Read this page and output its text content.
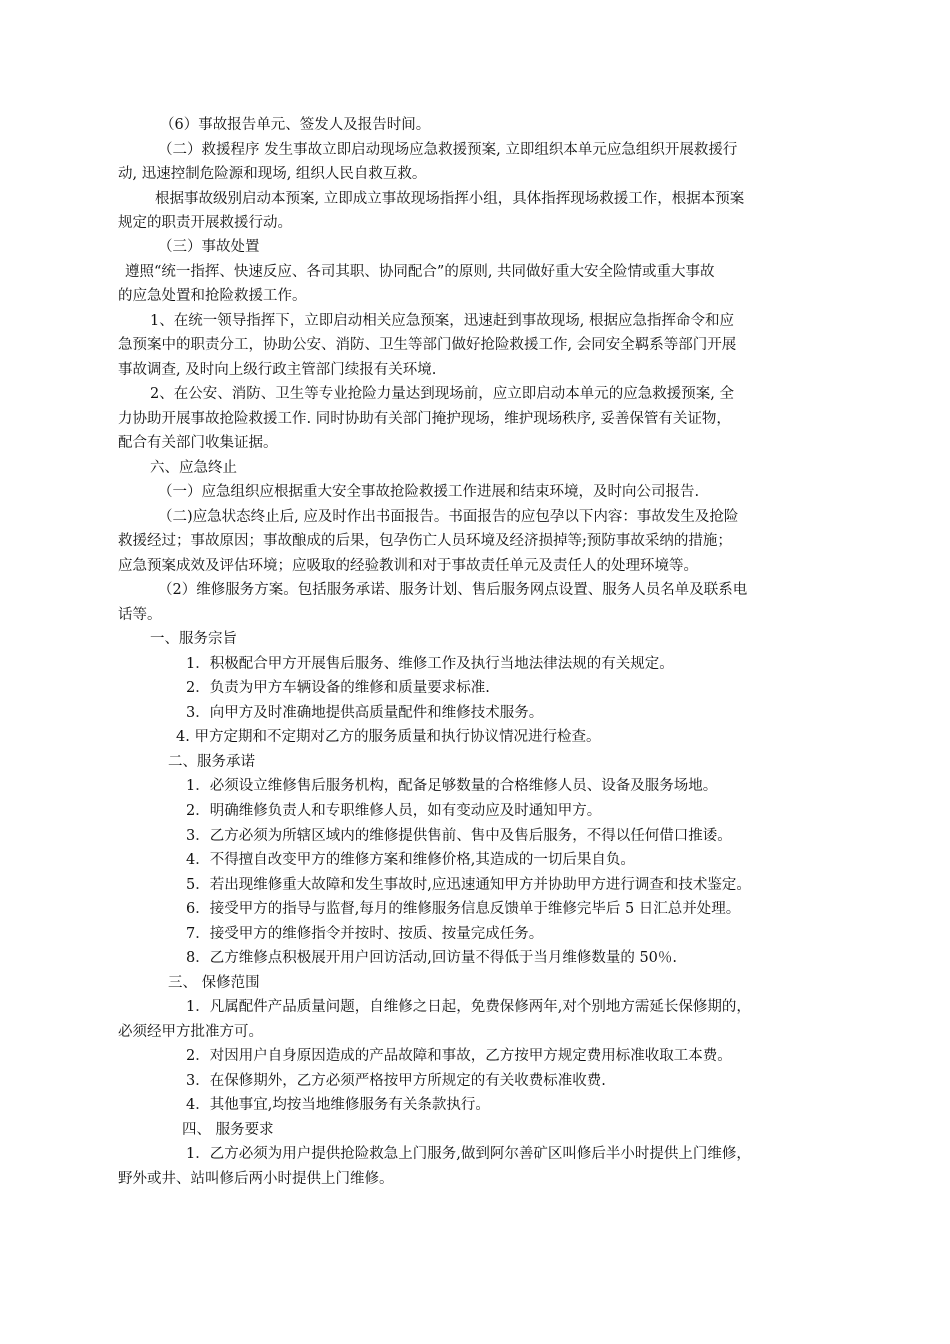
（6）事故报告单元、签发人及报告时间。
（二）救援程序 发生事故立即启动现场应急救援预案, 立即组织本单元应急组织开展救援行
动, 迅速控制危险源和现场, 组织人民自救互救。
根据事故级别启动本预案, 立即成立事故现场指挥小组，具体指挥现场救援工作，根据本预案
规定的职责开展救援行动。
（三）事故处置
遵照“统一指挥、快速反应、各司其职、协同配合”的原则, 共同做好重大安全险情或重大事故
的应急处置和抢险救援工作。
1、在统一领导指挥下，立即启动相关应急预案，迅速赶到事故现场, 根据应急指挥命令和应
急预案中的职责分工，协助公安、消防、卫生等部门做好抢险救援工作, 会同安全羁系等部门开展
事故调查, 及时向上级行政主管部门续报有关环境.
2、在公安、消防、卫生等专业抢险力量达到现场前，应立即启动本单元的应急救援预案, 全
力协助开展事故抢险救援工作. 同时协助有关部门掩护现场，维护现场秩序, 妥善保管有关证物，
配合有关部门收集证据。
六、应急终止
（一）应急组织应根据重大安全事故抢险救援工作进展和结束环境，及时向公司报告.
（二)应急状态终止后, 应及时作出书面报告。书面报告的应包孕以下内容：事故发生及抢险
救援经过；事故原因；事故酿成的后果，包孕伤亡人员环境及经济损掉等;预防事故采纳的措施；
应急预案成效及评估环境；应吸取的经验教训和对于事故责任单元及责任人的处理环境等。
（2）维修服务方案。包括服务承诺、服务计划、售后服务网点设置、服务人员名单及联系电
话等。
一、服务宗旨
1．积极配合甲方开展售后服务、维修工作及执行当地法律法规的有关规定。
2．负责为甲方车辆设备的维修和质量要求标准.
3．向甲方及时准确地提供高质量配件和维修技术服务。
4. 甲方定期和不定期对乙方的服务质量和执行协议情况进行检查。
二、服务承诺
1．必须设立维修售后服务机构，配备足够数量的合格维修人员、设备及服务场地。
2．明确维修负责人和专职维修人员，如有变动应及时通知甲方。
3．乙方必须为所辖区域内的维修提供售前、售中及售后服务，不得以任何借口推诿。
4．不得擅自改变甲方的维修方案和维修价格,其造成的一切后果自负。
5．若出现维修重大故障和发生事故时,应迅速通知甲方并协助甲方进行调查和技术鉴定。
6．接受甲方的指导与监督,每月的维修服务信息反馈单于维修完毕后 5 日汇总并处理。
7．接受甲方的维修指令并按时、按质、按量完成任务。
8．乙方维修点积极展开用户回访活动,回访量不得低于当月维修数量的 50％.
三、 保修范围
1．凡属配件产品质量问题，自维修之日起，免费保修两年,对个别地方需延长保修期的，
必须经甲方批准方可。
2．对因用户自身原因造成的产品故障和事故，乙方按甲方规定费用标准收取工本费。
3．在保修期外，乙方必须严格按甲方所规定的有关收费标准收费.
4．其他事宜,均按当地维修服务有关条款执行。
四、 服务要求
1．乙方必须为用户提供抢险救急上门服务,做到阿尔善矿区叫修后半小时提供上门维修，
野外或井、站叫修后两小时提供上门维修。
